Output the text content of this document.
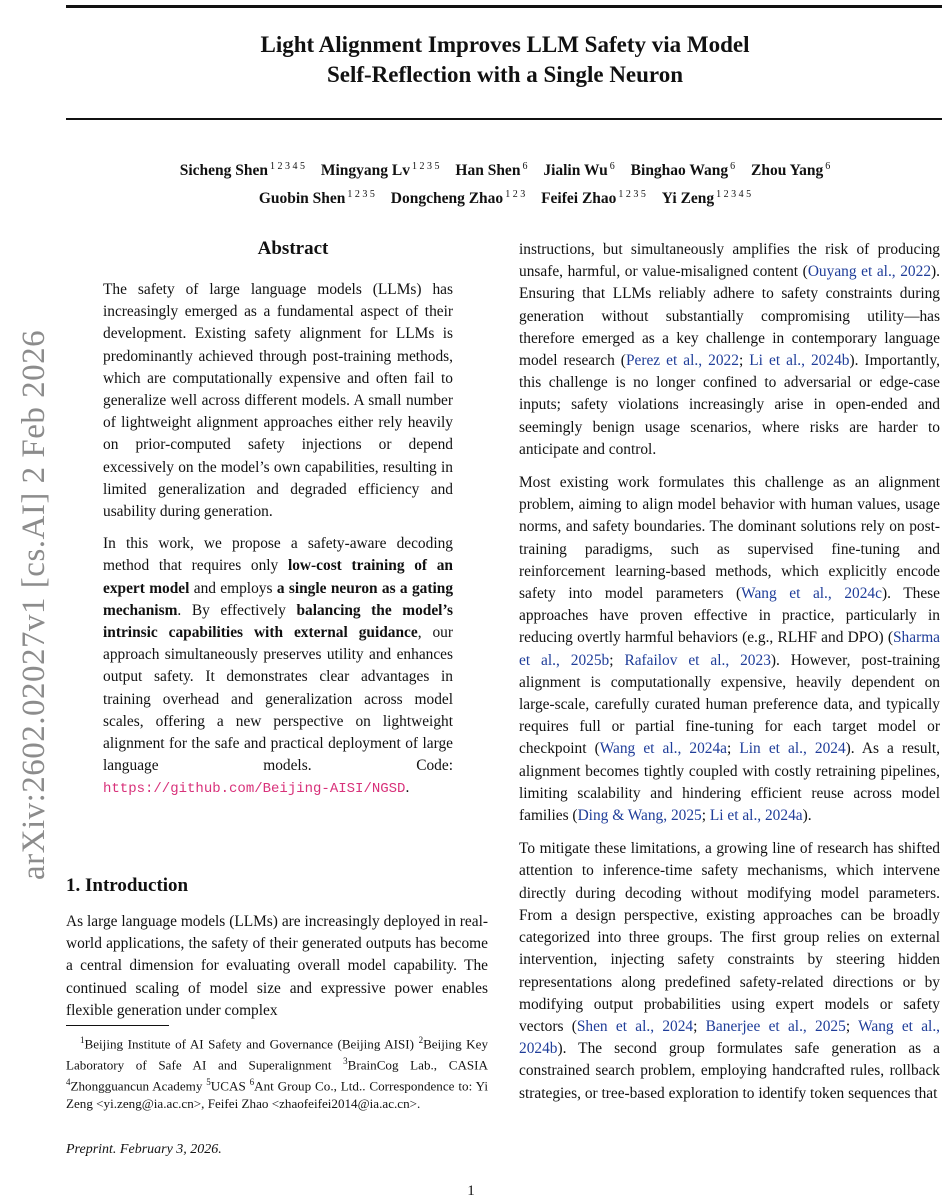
Light Alignment Improves LLM Safety via Model
Self-Reflection with a Single Neuron
Sicheng Shen $^{1 2 3 4 5}$ Mingyang Lv $^{1 2 3 5}$ Han Shen $^6$ Jialin Wu $^6$ Binghao Wang $^6$ Zhou Yang $^6$
Guobin Shen $^{1 2 3 5}$ Dongcheng Zhao $^{1 2 3}$ Feifei Zhao $^{1 2 3 5}$ Yi Zeng $^{1 2 3 4 5}$
arXiv:2602.02027v1 [cs.AI] 2 Feb 2026
Abstract

The safety of large language models (LLMs) has increasingly emerged as a fundamental aspect of their development. Existing safety alignment for LLMs is predominantly achieved through post-training methods, which are computationally expensive and often fail to generalize well across different models. A small number of lightweight alignment approaches either rely heavily on prior-computed safety injections or depend excessively on the model’s own capabilities, resulting in limited generalization and degraded efficiency and usability during generation.

In this work, we propose a safety-aware decoding method that requires only low-cost training of an expert model and employs a single neuron as a gating mechanism. By effectively balancing the model’s intrinsic capabilities with external guidance, our approach simultaneously preserves utility and enhances output safety. It demonstrates clear advantages in training overhead and generalization across model scales, offering a new perspective on lightweight alignment for the safe and practical deployment of large language models. Code: https://github.com/Beijing-AISI/NGSD.

1. Introduction

As large language models (LLMs) are increasingly deployed in real-world applications, the safety of their generated outputs has become a central dimension for evaluating overall model capability. The continued scaling of model size and expressive power enables flexible generation under complex

$^1$Beijing Institute of AI Safety and Governance (Beijing AISI) $^2$Beijing Key Laboratory of Safe AI and Superalignment $^3$BrainCog Lab., CASIA $^4$Zhongguancun Academy $^5$UCAS $^6$Ant Group Co., Ltd.. Correspondence to: Yi Zeng <yi.zeng@ia.ac.cn>, Feifei Zhao <zhaofeifei2014@ia.ac.cn>.
Preprint. February 3, 2026.
1

instructions, but simultaneously amplifies the risk of producing unsafe, harmful, or value-misaligned content (Ouyang et al., 2022). Ensuring that LLMs reliably adhere to safety constraints during generation without substantially compromising utility—has therefore emerged as a key challenge in contemporary language model research (Perez et al., 2022; Li et al., 2024b). Importantly, this challenge is no longer confined to adversarial or edge-case inputs; safety violations increasingly arise in open-ended and seemingly benign usage scenarios, where risks are harder to anticipate and control.

Most existing work formulates this challenge as an alignment problem, aiming to align model behavior with human values, usage norms, and safety boundaries. The dominant solutions rely on post-training paradigms, such as supervised fine-tuning and reinforcement learning-based methods, which explicitly encode safety into model parameters (Wang et al., 2024c). These approaches have proven effective in practice, particularly in reducing overtly harmful behaviors (e.g., RLHF and DPO) (Sharma et al., 2025b; Rafailov et al., 2023). However, post-training alignment is computationally expensive, heavily dependent on large-scale, carefully curated human preference data, and typically requires full or partial fine-tuning for each target model or checkpoint (Wang et al., 2024a; Lin et al., 2024). As a result, alignment becomes tightly coupled with costly retraining pipelines, limiting scalability and hindering efficient reuse across model families (Ding & Wang, 2025; Li et al., 2024a).

To mitigate these limitations, a growing line of research has shifted attention to inference-time safety mechanisms, which intervene directly during decoding without modifying model parameters. From a design perspective, existing approaches can be broadly categorized into three groups. The first group relies on external intervention, injecting safety constraints by steering hidden representations along predefined safety-related directions or by modifying output probabilities using expert models or safety vectors (Shen et al., 2024; Banerjee et al., 2025; Wang et al., 2024b). The second group formulates safe generation as a constrained search problem, employing handcrafted rules, rollback strategies, or tree-based exploration to identify token sequences that
